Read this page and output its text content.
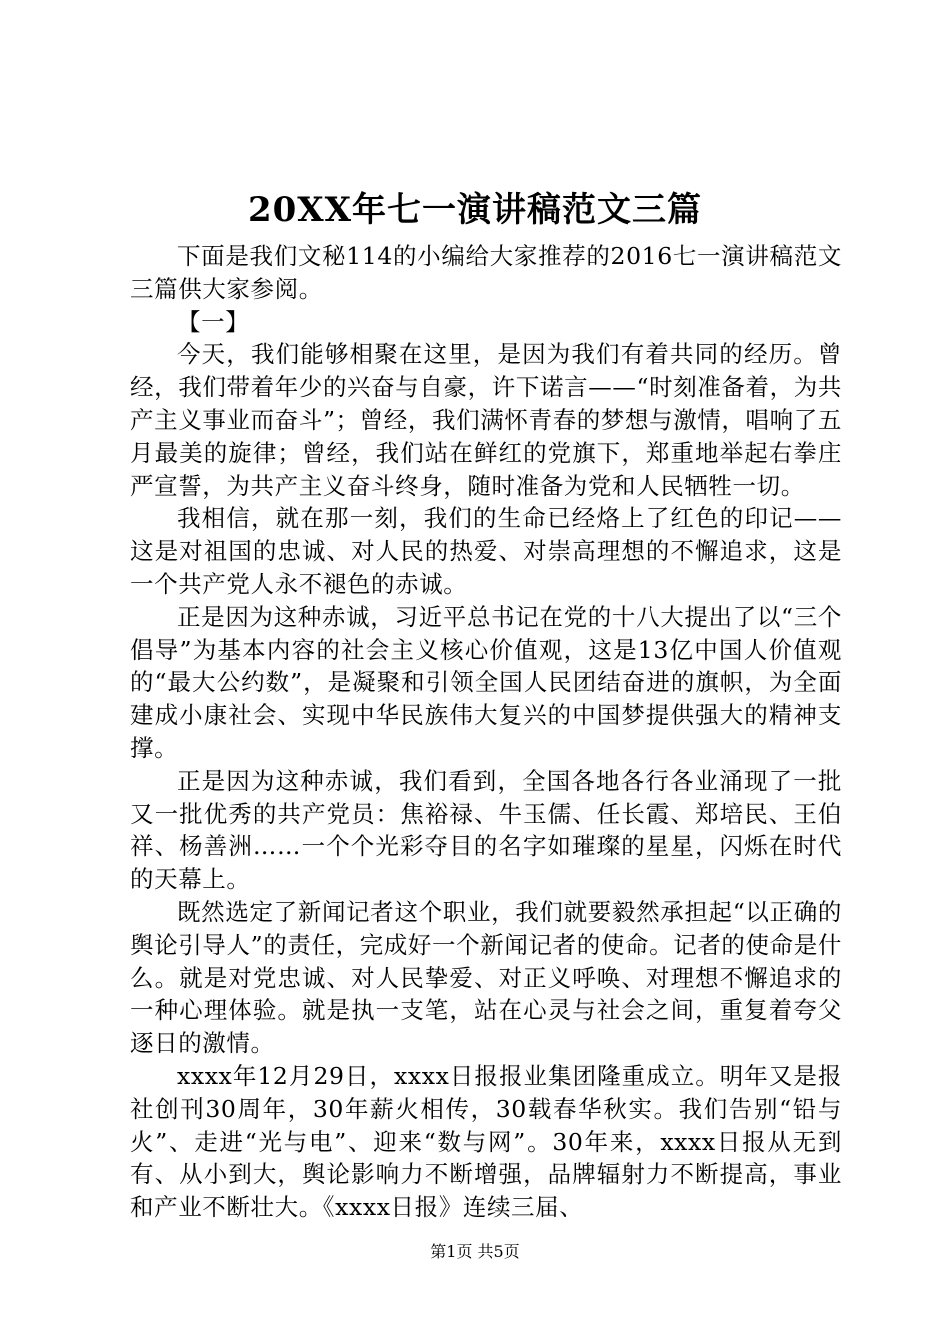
20XX年七一演讲稿范文三篇

下面是我们文秘114的小编给大家推荐的2016七一演讲稿范文三篇供大家参阅。

【一】

今天，我们能够相聚在这里，是因为我们有着共同的经历。曾经，我们带着年少的兴奋与自豪，许下诺言——“时刻准备着，为共产主义事业而奋斗”；曾经，我们满怀青春的梦想与激情，唱响了五月最美的旋律；曾经，我们站在鲜红的党旗下，郑重地举起右拳庄严宣誓，为共产主义奋斗终身，随时准备为党和人民牺牲一切。

我相信，就在那一刻，我们的生命已经烙上了红色的印记——这是对祖国的忠诚、对人民的热爱、对崇高理想的不懈追求，这是一个共产党人永不褪色的赤诚。

正是因为这种赤诚，习近平总书记在党的十八大提出了以“三个倡导”为基本内容的社会主义核心价值观，这是13亿中国人价值观的“最大公约数”，是凝聚和引领全国人民团结奋进的旗帜，为全面建成小康社会、实现中华民族伟大复兴的中国梦提供强大的精神支撑。

正是因为这种赤诚，我们看到，全国各地各行各业涌现了一批又一批优秀的共产党员：焦裕禄、牛玉儒、任长霞、郑培民、王伯祥、杨善洲……一个个光彩夺目的名字如璀璨的星星，闪烁在时代的天幕上。

既然选定了新闻记者这个职业，我们就要毅然承担起“以正确的舆论引导人”的责任，完成好一个新闻记者的使命。记者的使命是什么。就是对党忠诚、对人民挚爱、对正义呼唤、对理想不懈追求的一种心理体验。就是执一支笔，站在心灵与社会之间，重复着夸父逐日的激情。

xxxx年12月29日，xxxx日报报业集团隆重成立。明年又是报社创刊30周年，30年薪火相传，30载春华秋实。我们告别“铅与火”、走进“光与电”、迎来“数与网”。30年来，xxxx日报从无到有、从小到大，舆论影响力不断增强，品牌辐射力不断提高，事业和产业不断壮大。《xxxx日报》连续三届、

第1页 共5页
